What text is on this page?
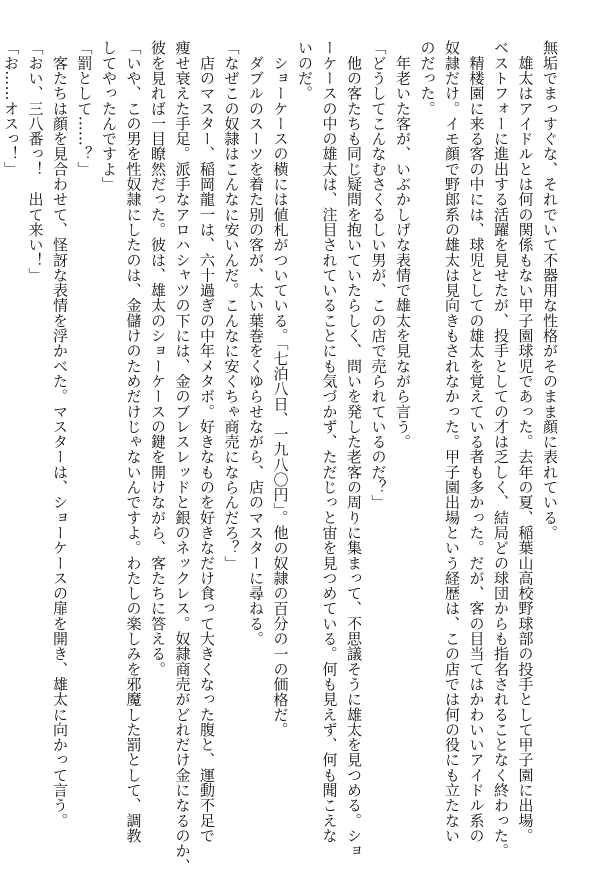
無垢でまっすぐな、それでいて不器用な性格がそのまま顔に表れている。

　雄太はアイドルとは何の関係もない甲子園球児であった。去年の夏、稲葉山高校野球部の投手として甲子園に出場。

ベストフォーに進出する活躍を見せたが、投手としての才は乏しく、結局どの球団からも指名されることなく終わった。

　精楼園に来る客の中には、球児としての雄太を覚えている者も多かった。だが、客の目当てはかわいいアイドル系の

奴隷だけ。イモ顔で野郎系の雄太は見向きもされなかった。甲子園出場という経歴は、この店では何の役にも立たない

のだった。

　年老いた客が、いぶかしげな表情で雄太を見ながら言う。

「どうしてこんなむさくるしい男が、この店で売られているのだ？」

　他の客たちも同じ疑問を抱いていたらしく、問いを発した老客の周りに集まって、不思議そうに雄太を見つめる。ショ

ーケースの中の雄太は、注目されていることにも気づかず、ただじっと宙を見つめている。何も見えず、何も聞こえな

いのだ。

　ショーケースの横には値札がついている。「七泊八日、一九八〇円」。他の奴隷の百分の一の価格だ。

　ダブルのスーツを着た別の客が、太い葉巻をくゆらせながら、店のマスターに尋ねる。

「なぜこの奴隷はこんなに安いんだ。こんなに安くちゃ商売にならんだろ？」

　店のマスター、稲岡龍一は、六十過ぎの中年メタボ。好きなものを好きなだけ食って大きくなった腹と、運動不足で

痩せ衰えた手足。派手なアロハシャツの下には、金のブレスレッドと銀のネックレス。奴隷商売がどれだけ金になるのか、

彼を見れば一目瞭然だった。彼は、雄太のショーケースの鍵を開けながら、客たちに答える。

「いや、この男を性奴隷にしたのは、金儲けのためだけじゃないんですよ。わたしの楽しみを邪魔した罰として、調教

してやったんですよ」

「罰として……？」

　客たちは顔を見合わせて、怪訝な表情を浮かべた。マスターは、ショーケースの扉を開き、雄太に向かって言う。

「おい、三八番っ！　出て来い！」

「お……オスっ！」
